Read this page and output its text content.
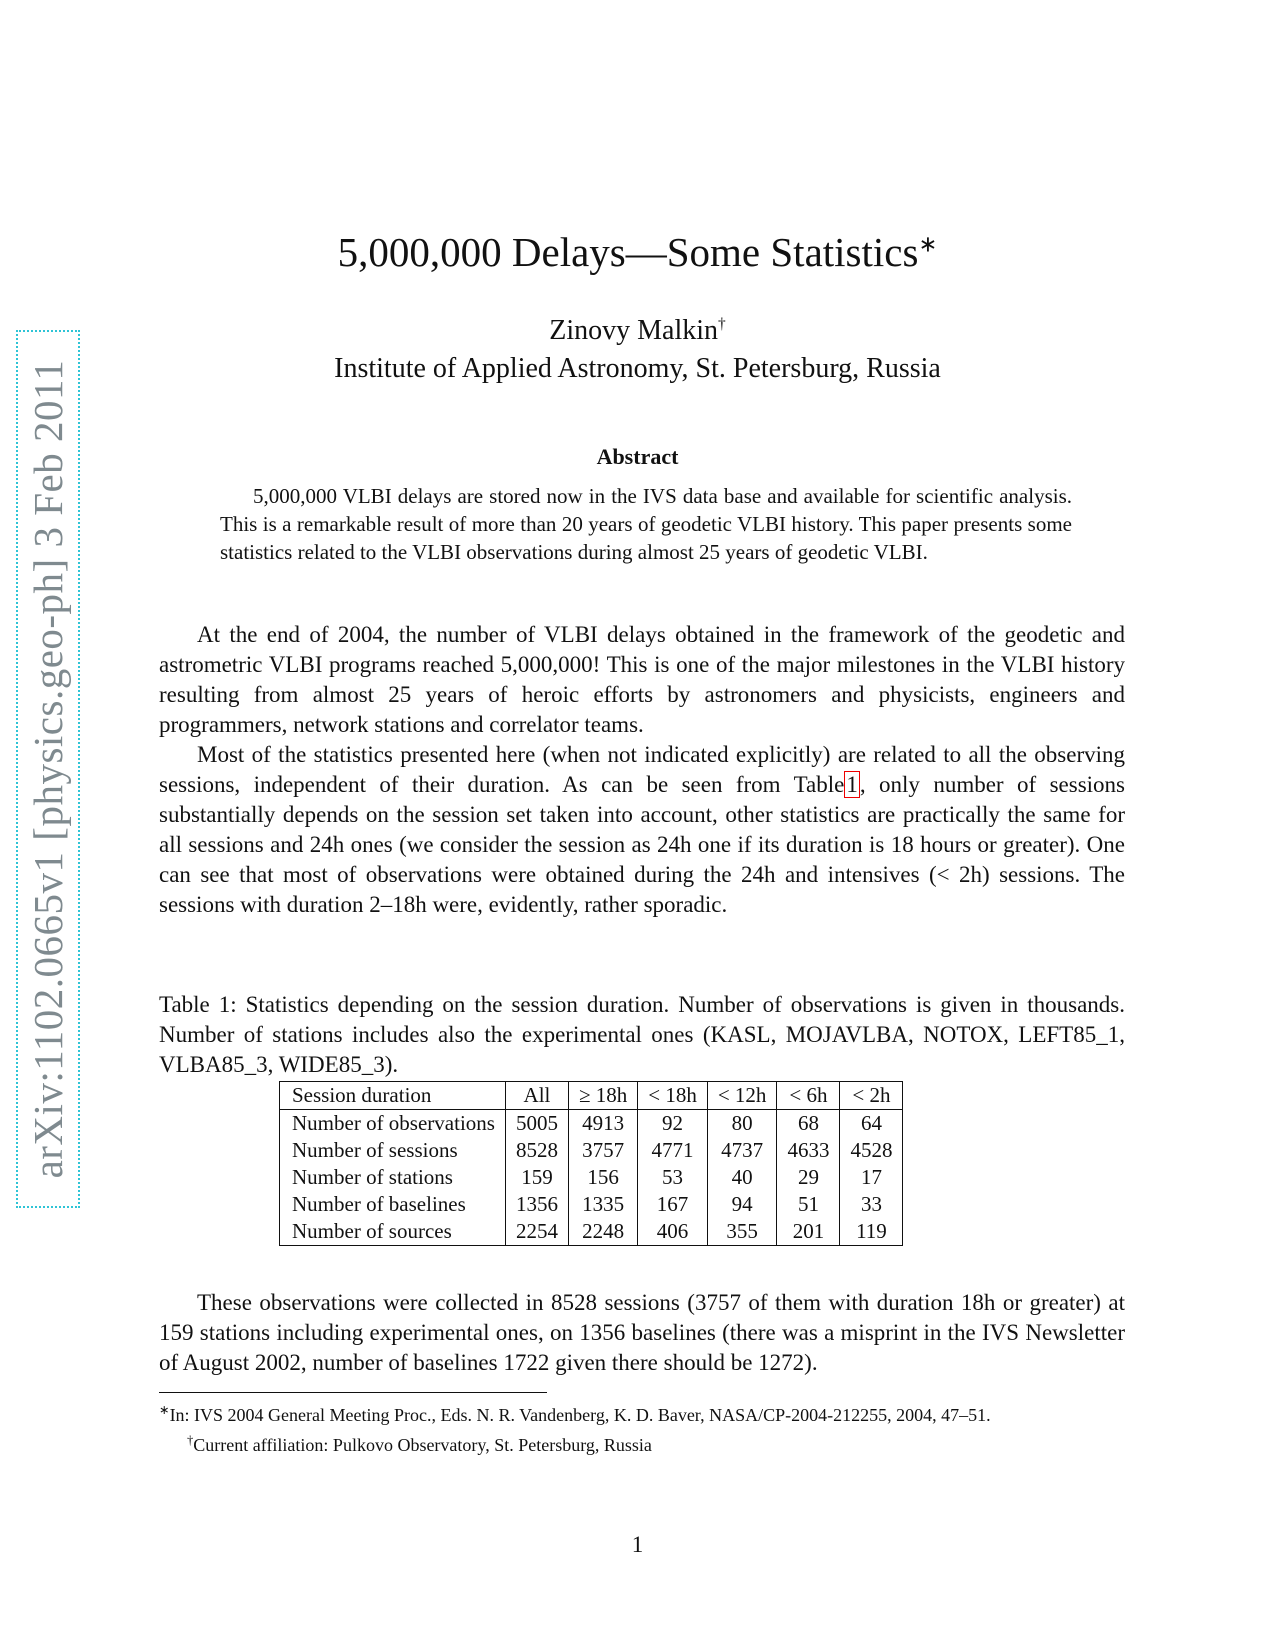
arXiv:1102.0665v1 [physics.geo-ph] 3 Feb 2011
5,000,000 Delays—Some Statistics∗
Zinovy Malkin†
Institute of Applied Astronomy, St. Petersburg, Russia
Abstract

5,000,000 VLBI delays are stored now in the IVS data base and available for scientific analysis. This is a remarkable result of more than 20 years of geodetic VLBI history. This paper presents some statistics related to the VLBI observations during almost 25 years of geodetic VLBI.

At the end of 2004, the number of VLBI delays obtained in the framework of the geodetic and astrometric VLBI programs reached 5,000,000! This is one of the major milestones in the VLBI history resulting from almost 25 years of heroic efforts by astronomers and physicists, engineers and programmers, network stations and correlator teams.

Most of the statistics presented here (when not indicated explicitly) are related to all the observing sessions, independent of their duration. As can be seen from Table1, only number of sessions substantially depends on the session set taken into account, other statistics are practically the same for all sessions and 24h ones (we consider the session as 24h one if its duration is 18 hours or greater). One can see that most of observations were obtained during the 24h and intensives (< 2h) sessions. The sessions with duration 2–18h were, evidently, rather sporadic.

Table 1: Statistics depending on the session duration. Number of observations is given in thousands. Number of stations includes also the experimental ones (KASL, MOJAVLBA, NOTOX, LEFT85_1, VLBA85_3, WIDE85_3).

Session duration	All	≥ 18h	< 18h	< 12h	< 6h	< 2h
Number of observations	5005	4913	92	80	68	64
Number of sessions	8528	3757	4771	4737	4633	4528
Number of stations	159	156	53	40	29	17
Number of baselines	1356	1335	167	94	51	33
Number of sources	2254	2248	406	355	201	119

These observations were collected in 8528 sessions (3757 of them with duration 18h or greater) at 159 stations including experimental ones, on 1356 baselines (there was a misprint in the IVS Newsletter of August 2002, number of baselines 1722 given there should be 1272).

∗In: IVS 2004 General Meeting Proc., Eds. N. R. Vandenberg, K. D. Baver, NASA/CP-2004-212255, 2004, 47–51.

†Current affiliation: Pulkovo Observatory, St. Petersburg, Russia

1
